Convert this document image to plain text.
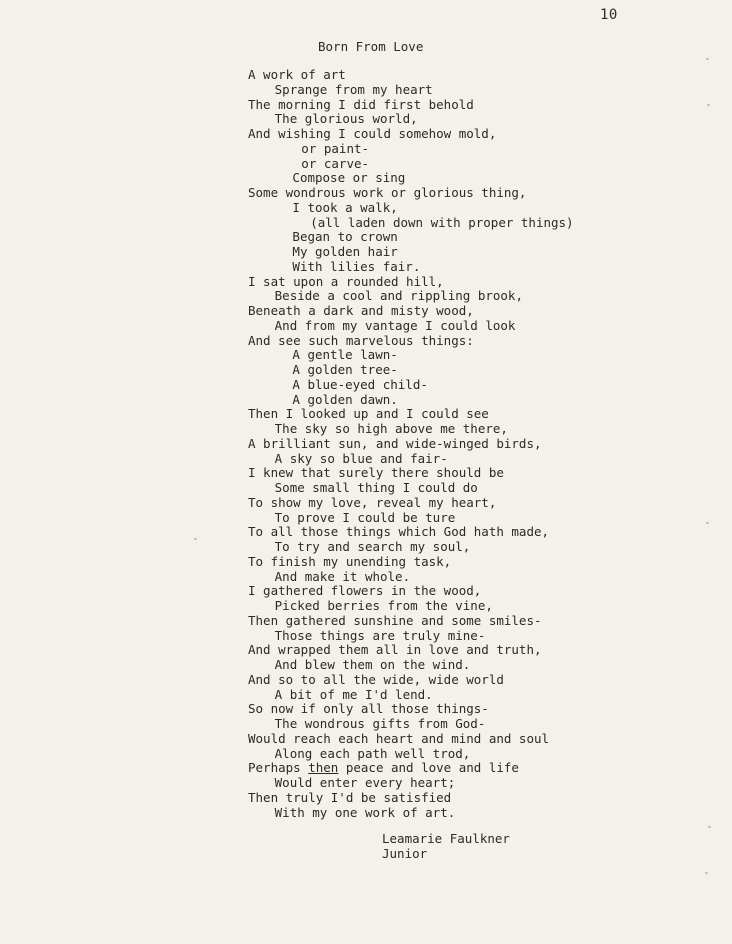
10
Born From Love
A work of art
Sprange from my heart
The morning I did first behold
The glorious world,
And wishing I could somehow mold,
or paint-
or carve-
Compose or sing
Some wondrous work or glorious thing,
I took a walk,
(all laden down with proper things)
Began to crown
My golden hair
With lilies fair.
I sat upon a rounded hill,
Beside a cool and rippling brook,
Beneath a dark and misty wood,
And from my vantage I could look
And see such marvelous things:
A gentle lawn-
A golden tree-
A blue-eyed child-
A golden dawn.
Then I looked up and I could see
The sky so high above me there,
A brilliant sun, and wide-winged birds,
A sky so blue and fair-
I knew that surely there should be
Some small thing I could do
To show my love, reveal my heart,
To prove I could be ture
To all those things which God hath made,
To try and search my soul,
To finish my unending task,
And make it whole.
I gathered flowers in the wood,
Picked berries from the vine,
Then gathered sunshine and some smiles-
Those things are truly mine-
And wrapped them all in love and truth,
And blew them on the wind.
And so to all the wide, wide world
A bit of me I'd lend.
So now if only all those things-
The wondrous gifts from God-
Would reach each heart and mind and soul
Along each path well trod,
Perhaps then peace and love and life
Would enter every heart;
Then truly I'd be satisfied
With my one work of art.
Leamarie Faulkner
Junior
